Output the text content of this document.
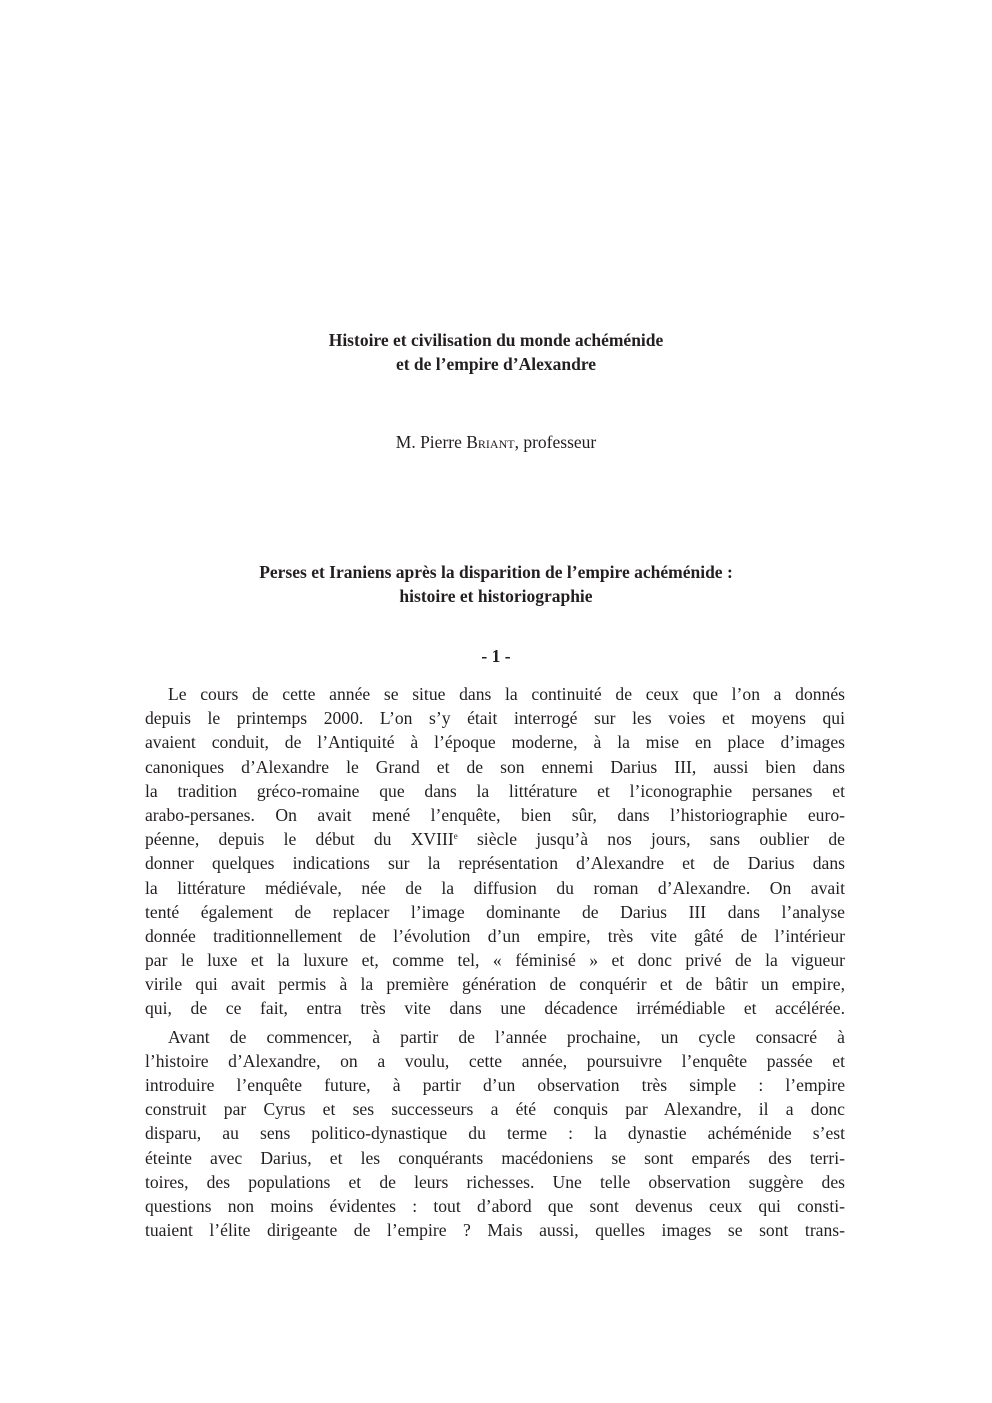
Histoire et civilisation du monde achéménide
et de l’empire d’Alexandre
M. Pierre Briant, professeur
Perses et Iraniens après la disparition de l’empire achéménide :
histoire et historiographie
- 1 -
Le cours de cette année se situe dans la continuité de ceux que l’on a donnés
depuis le printemps 2000. L’on s’y était interrogé sur les voies et moyens qui
avaient conduit, de l’Antiquité à l’époque moderne, à la mise en place d’images
canoniques d’Alexandre le Grand et de son ennemi Darius III, aussi bien dans
la tradition gréco-romaine que dans la littérature et l’iconographie persanes et
arabo-persanes. On avait mené l’enquête, bien sûr, dans l’historiographie euro-
péenne, depuis le début du XVIIIe siècle jusqu’à nos jours, sans oublier de
donner quelques indications sur la représentation d’Alexandre et de Darius dans
la littérature médiévale, née de la diffusion du roman d’Alexandre. On avait
tenté également de replacer l’image dominante de Darius III dans l’analyse
donnée traditionnellement de l’évolution d’un empire, très vite gâté de l’intérieur
par le luxe et la luxure et, comme tel, « féminisé » et donc privé de la vigueur
virile qui avait permis à la première génération de conquérir et de bâtir un empire,
qui, de ce fait, entra très vite dans une décadence irrémédiable et accélérée.
Avant de commencer, à partir de l’année prochaine, un cycle consacré à
l’histoire d’Alexandre, on a voulu, cette année, poursuivre l’enquête passée et
introduire l’enquête future, à partir d’un observation très simple : l’empire
construit par Cyrus et ses successeurs a été conquis par Alexandre, il a donc
disparu, au sens politico-dynastique du terme : la dynastie achéménide s’est
éteinte avec Darius, et les conquérants macédoniens se sont emparés des terri-
toires, des populations et de leurs richesses. Une telle observation suggère des
questions non moins évidentes : tout d’abord que sont devenus ceux qui consti-
tuaient l’élite dirigeante de l’empire ? Mais aussi, quelles images se sont trans-
